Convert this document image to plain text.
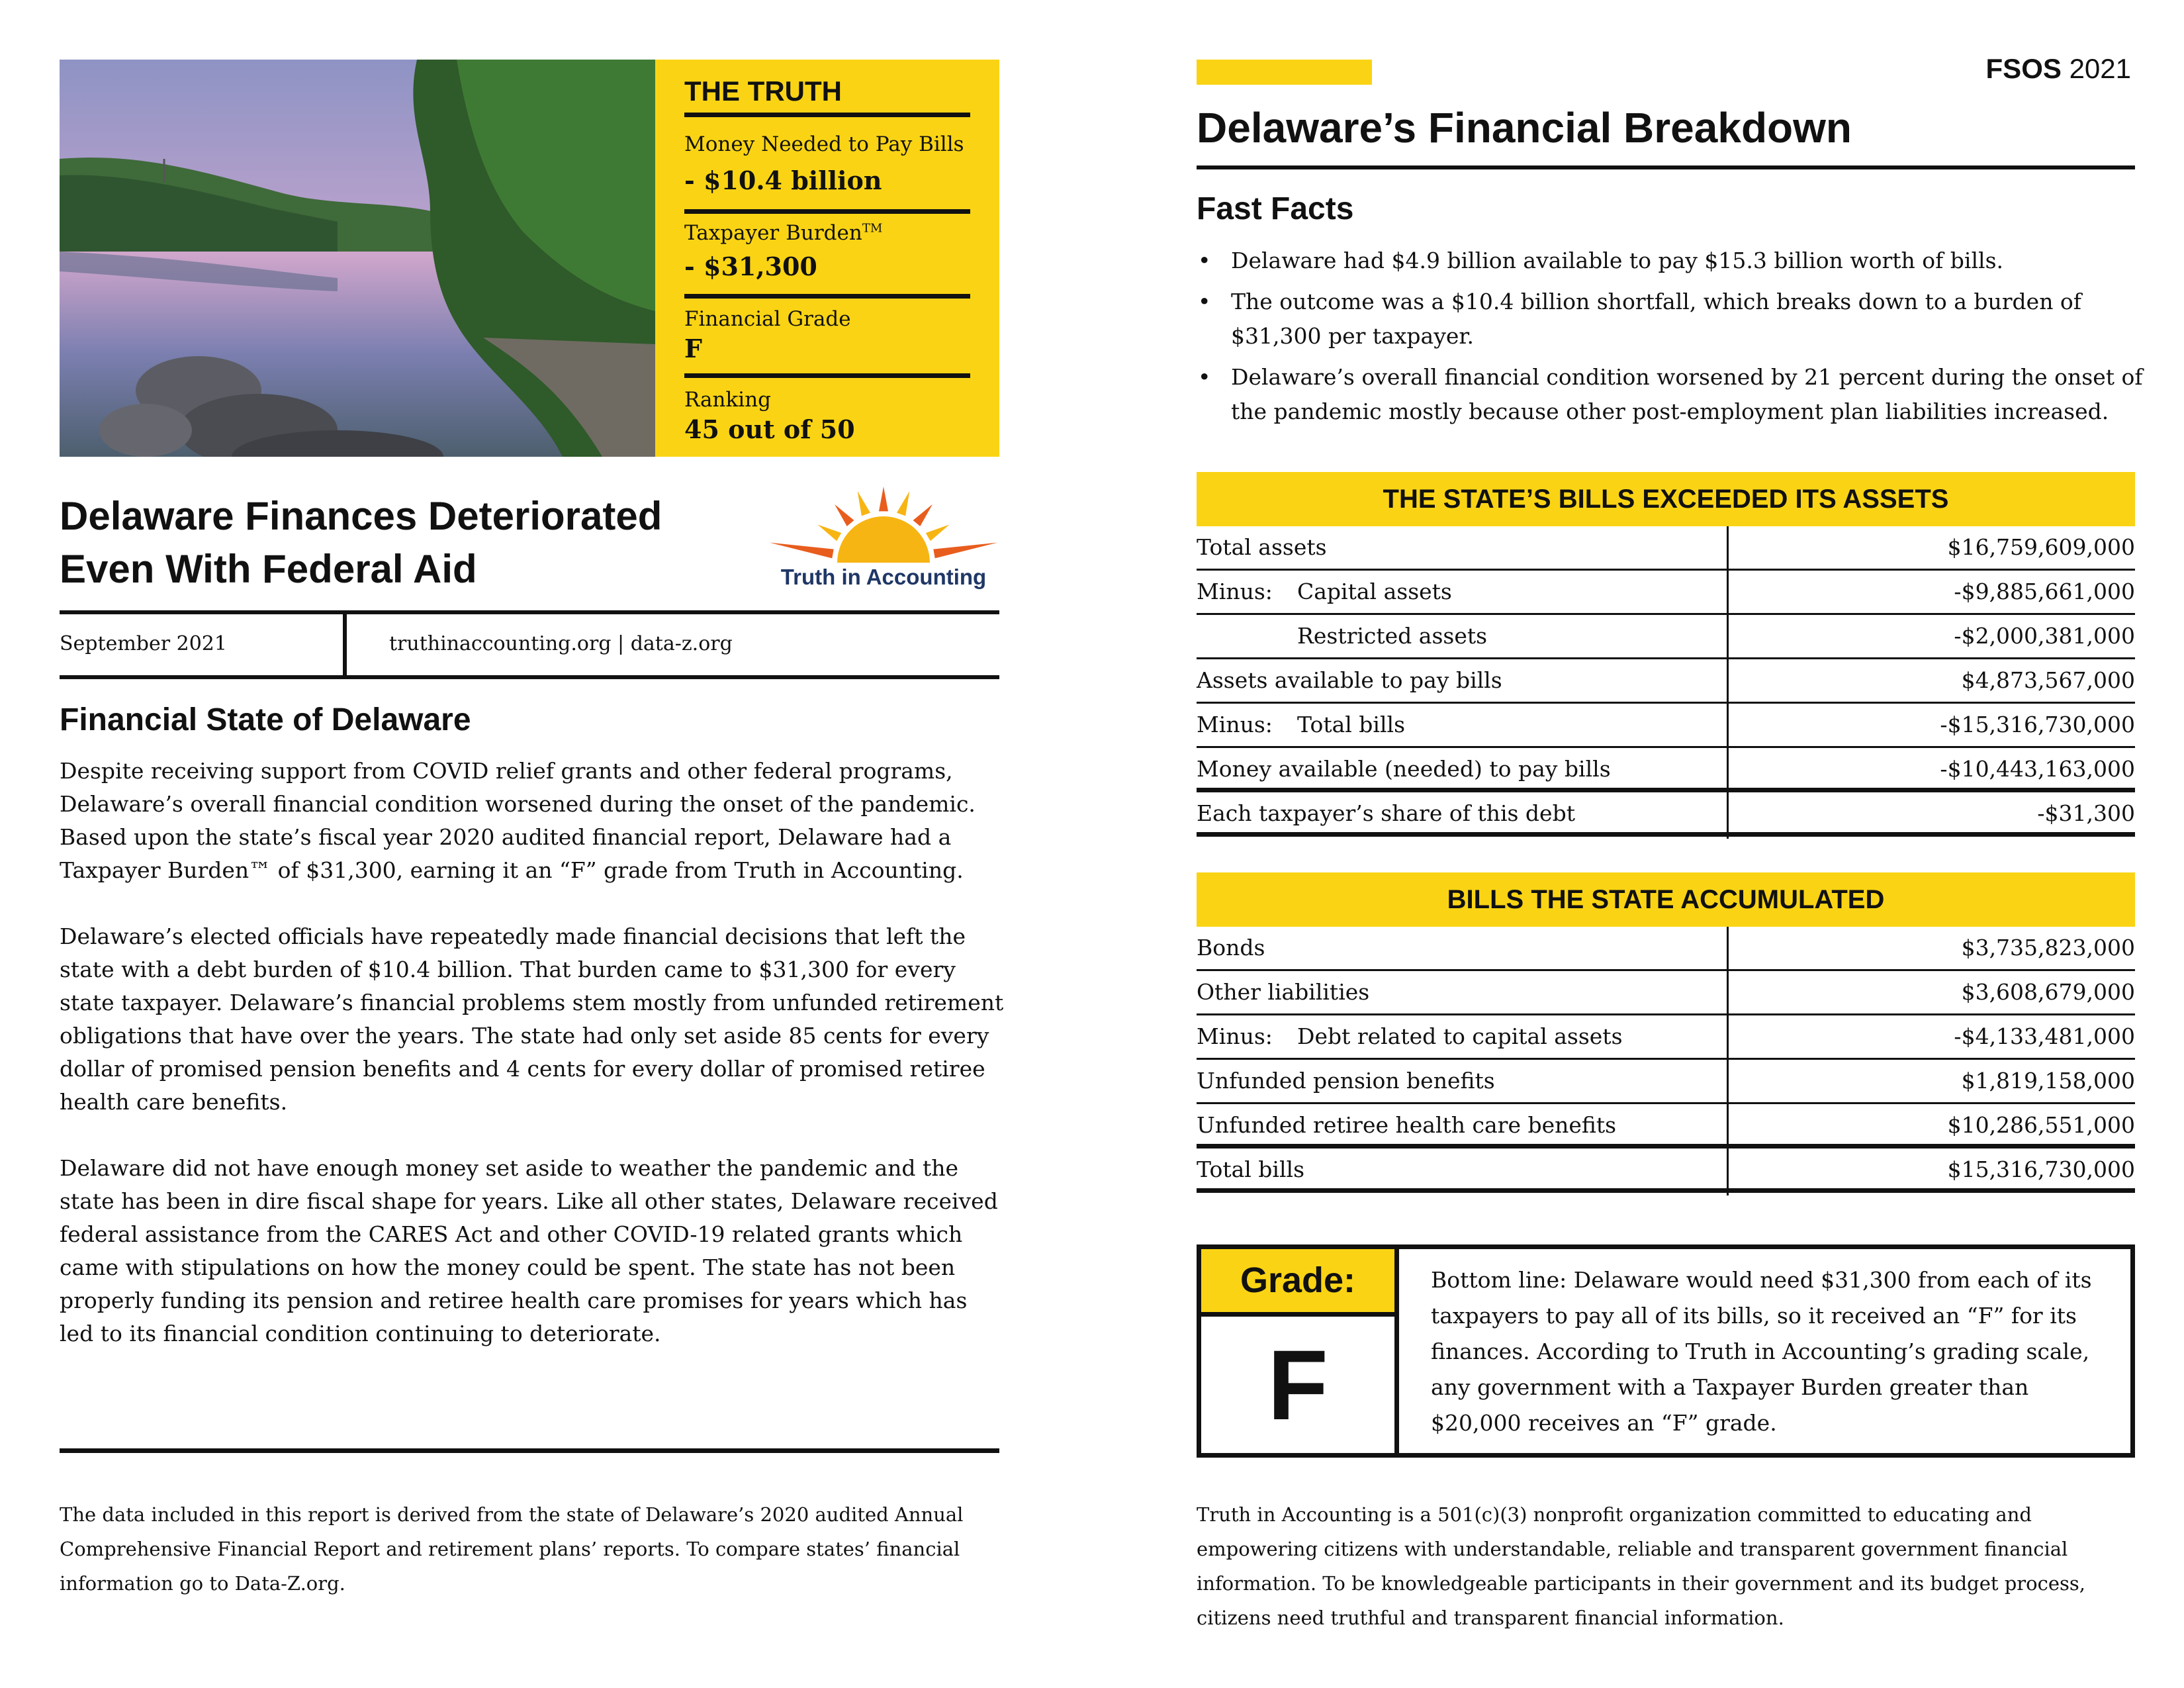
THE TRUTH
Money Needed to Pay Bills
- $10.4 billion
Taxpayer Burden™
- $31,300
Financial Grade
F
Ranking
45 out of 50
Delaware Finances Deteriorated
Even With Federal Aid	Truth in Accounting
September 2021	truthinaccounting.org | data-z.org
Financial State of Delaware

Despite receiving support from COVID relief grants and other federal programs, Delaware’s overall financial condition worsened during the onset of the pandemic. Based upon the state’s fiscal year 2020 audited financial report, Delaware had a Taxpayer Burden™ of $31,300, earning it an “F” grade from Truth in Accounting.

Delaware’s elected officials have repeatedly made financial decisions that left the state with a debt burden of $10.4 billion. That burden came to $31,300 for every state taxpayer. Delaware’s financial problems stem mostly from unfunded retirement obligations that have over the years. The state had only set aside 85 cents for every dollar of promised pension benefits and 4 cents for every dollar of promised retiree health care benefits.

Delaware did not have enough money set aside to weather the pandemic and the state has been in dire fiscal shape for years. Like all other states, Delaware received federal assistance from the CARES Act and other COVID-19 related grants which came with stipulations on how the money could be spent. The state has not been properly funding its pension and retiree health care promises for years which has led to its financial condition continuing to deteriorate.

The data included in this report is derived from the state of Delaware’s 2020 audited Annual Comprehensive Financial Report and retirement plans’ reports. To compare states’ financial information go to Data-Z.org.
FSOS 2021
Delaware’s Financial Breakdown
Fast Facts
• Delaware had $4.9 billion available to pay $15.3 billion worth of bills.
• The outcome was a $10.4 billion shortfall, which breaks down to a burden of $31,300 per taxpayer.
• Delaware’s overall financial condition worsened by 21 percent during the onset of the pandemic mostly because other post-employment plan liabilities increased.
THE STATE’S BILLS EXCEEDED ITS ASSETS
Total assets	$16,759,609,000
Minus: Capital assets	-$9,885,661,000
Restricted assets	-$2,000,381,000
Assets available to pay bills	$4,873,567,000
Minus: Total bills	-$15,316,730,000
Money available (needed) to pay bills	-$10,443,163,000
Each taxpayer’s share of this debt	-$31,300
BILLS THE STATE ACCUMULATED
Bonds	$3,735,823,000
Other liabilities	$3,608,679,000
Minus: Debt related to capital assets	-$4,133,481,000
Unfunded pension benefits	$1,819,158,000
Unfunded retiree health care benefits	$10,286,551,000
Total bills	$15,316,730,000
Grade:
F
Bottom line: Delaware would need $31,300 from each of its taxpayers to pay all of its bills, so it received an “F” for its finances. According to Truth in Accounting’s grading scale, any government with a Taxpayer Burden greater than $20,000 receives an “F” grade.
Truth in Accounting is a 501(c)(3) nonprofit organization committed to educating and empowering citizens with understandable, reliable and transparent government financial information. To be knowledgeable participants in their government and its budget process, citizens need truthful and transparent financial information.
